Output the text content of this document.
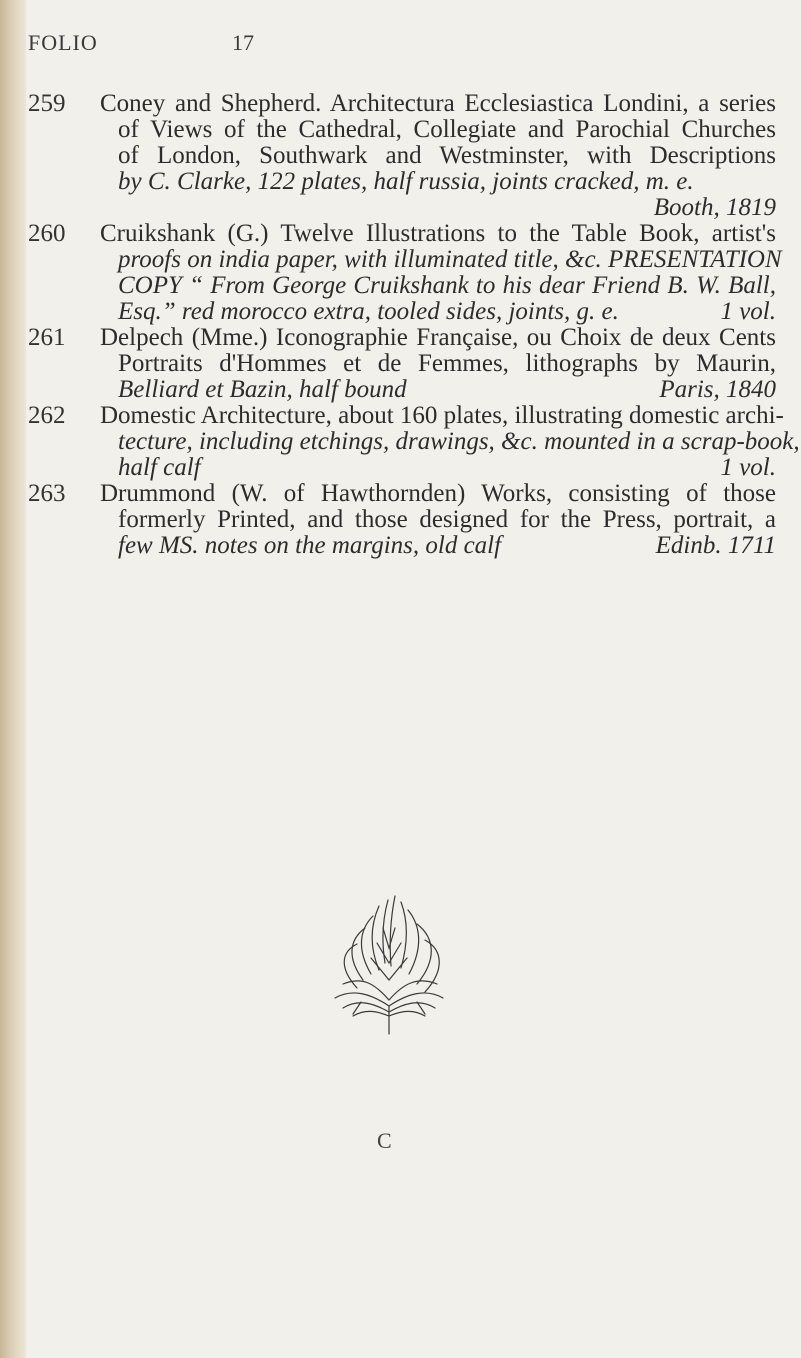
FOLIO	17
259 Coney and Shepherd. Architectura Ecclesiastica Londini, a series
of Views of the Cathedral, Collegiate and Parochial Churches
of London, Southwark and Westminster, with Descriptions
by C. Clarke, 122 plates, half russia, joints cracked, m. e.
Booth, 1819
260 Cruikshank (G.) Twelve Illustrations to the Table Book, artist's
proofs on india paper, with illuminated title, &c. PRESENTATION
COPY “ From George Cruikshank to his dear Friend B. W. Ball,
Esq.” red morocco extra, tooled sides, joints, g. e.	1 vol.
261 Delpech (Mme.) Iconographie Française, ou Choix de deux Cents
Portraits d'Hommes et de Femmes, lithographs by Maurin,
Belliard et Bazin, half bound	Paris, 1840
262 Domestic Architecture, about 160 plates, illustrating domestic archi-
tecture, including etchings, drawings, &c. mounted in a scrap-book,
half calf	1 vol.
263 Drummond (W. of Hawthornden) Works, consisting of those
formerly Printed, and those designed for the Press, portrait, a
few MS. notes on the margins, old calf	Edinb. 1711
C
